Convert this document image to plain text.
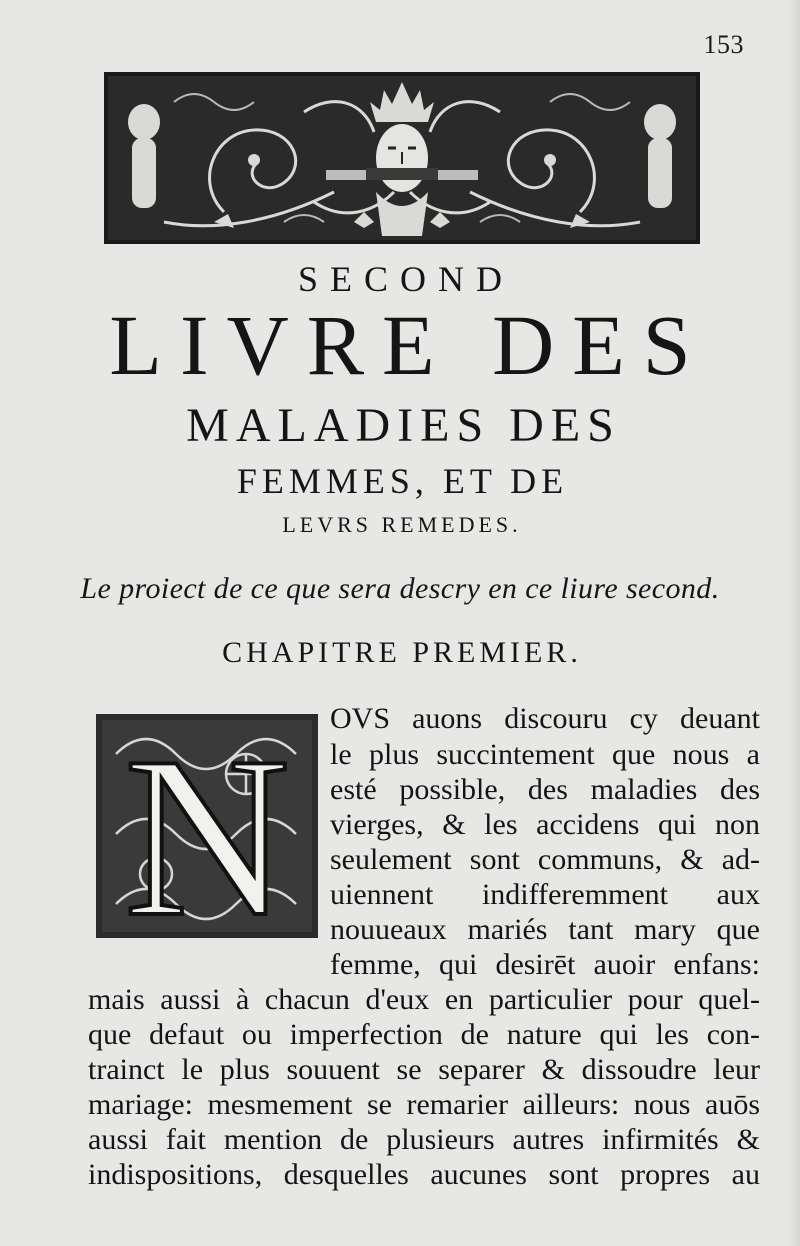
153

SECOND
LIVRE DES
MALADIES DES
FEMMES, ET DE
LEVRS REMEDES.

Le proiect de ce que sera descry en ce liure second.

CHAPITRE PREMIER.
N OVS auons discouru cy deuant
le plus succintement que nous a
esté possible, des maladies des
vierges, & les accidens qui non
seulement sont communs, & ad-
uiennent indifferemment aux
nouueaux mariés tant mary que
femme, qui desirēt auoir enfans:
mais aussi à chacun d'eux en particulier pour quel-
que defaut ou imperfection de nature qui les con-
trainct le plus souuent se separer & dissoudre leur
mariage: mesmement se remarier ailleurs: nous auōs
aussi fait mention de plusieurs autres infirmités &
indispositions, desquelles aucunes sont propres au
